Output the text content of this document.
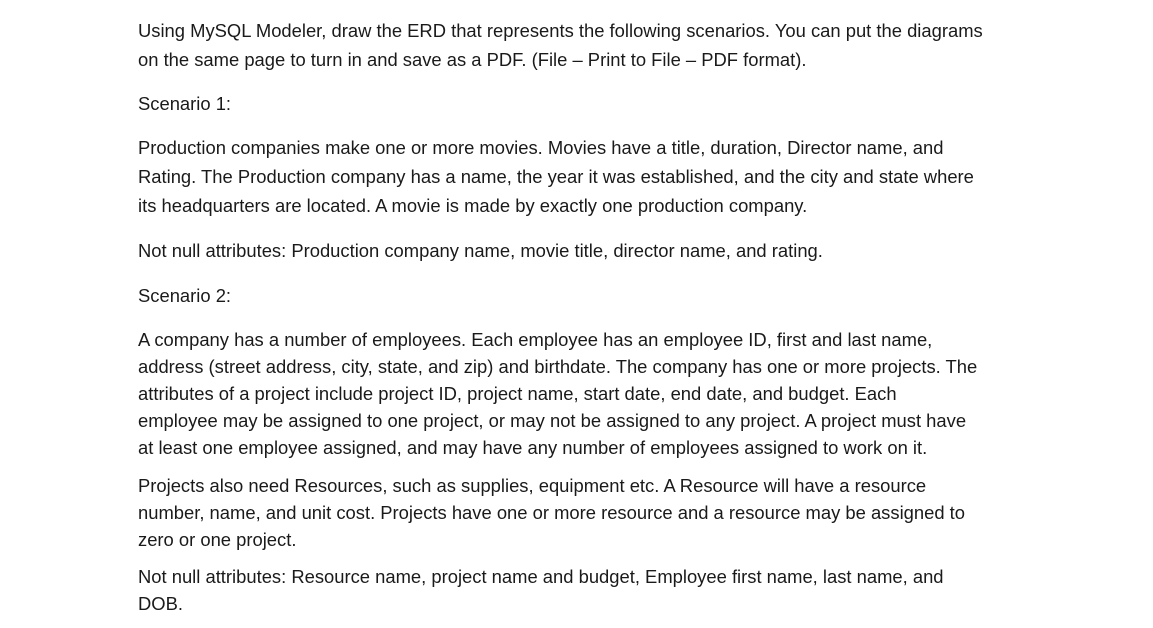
Using MySQL Modeler, draw the ERD that represents the following scenarios. You can put the diagrams
on the same page to turn in and save as a PDF. (File – Print to File – PDF format).

Scenario 1:

Production companies make one or more movies. Movies have a title, duration, Director name, and
Rating. The Production company has a name, the year it was established, and the city and state where
its headquarters are located. A movie is made by exactly one production company.

Not null attributes: Production company name, movie title, director name, and rating.

Scenario 2:

A company has a number of employees. Each employee has an employee ID, first and last name,
address (street address, city, state, and zip) and birthdate. The company has one or more projects. The
attributes of a project include project ID, project name, start date, end date, and budget. Each
employee may be assigned to one project, or may not be assigned to any project. A project must have
at least one employee assigned, and may have any number of employees assigned to work on it.

Projects also need Resources, such as supplies, equipment etc. A Resource will have a resource
number, name, and unit cost. Projects have one or more resource and a resource may be assigned to
zero or one project.

Not null attributes: Resource name, project name and budget, Employee first name, last name, and
DOB.
